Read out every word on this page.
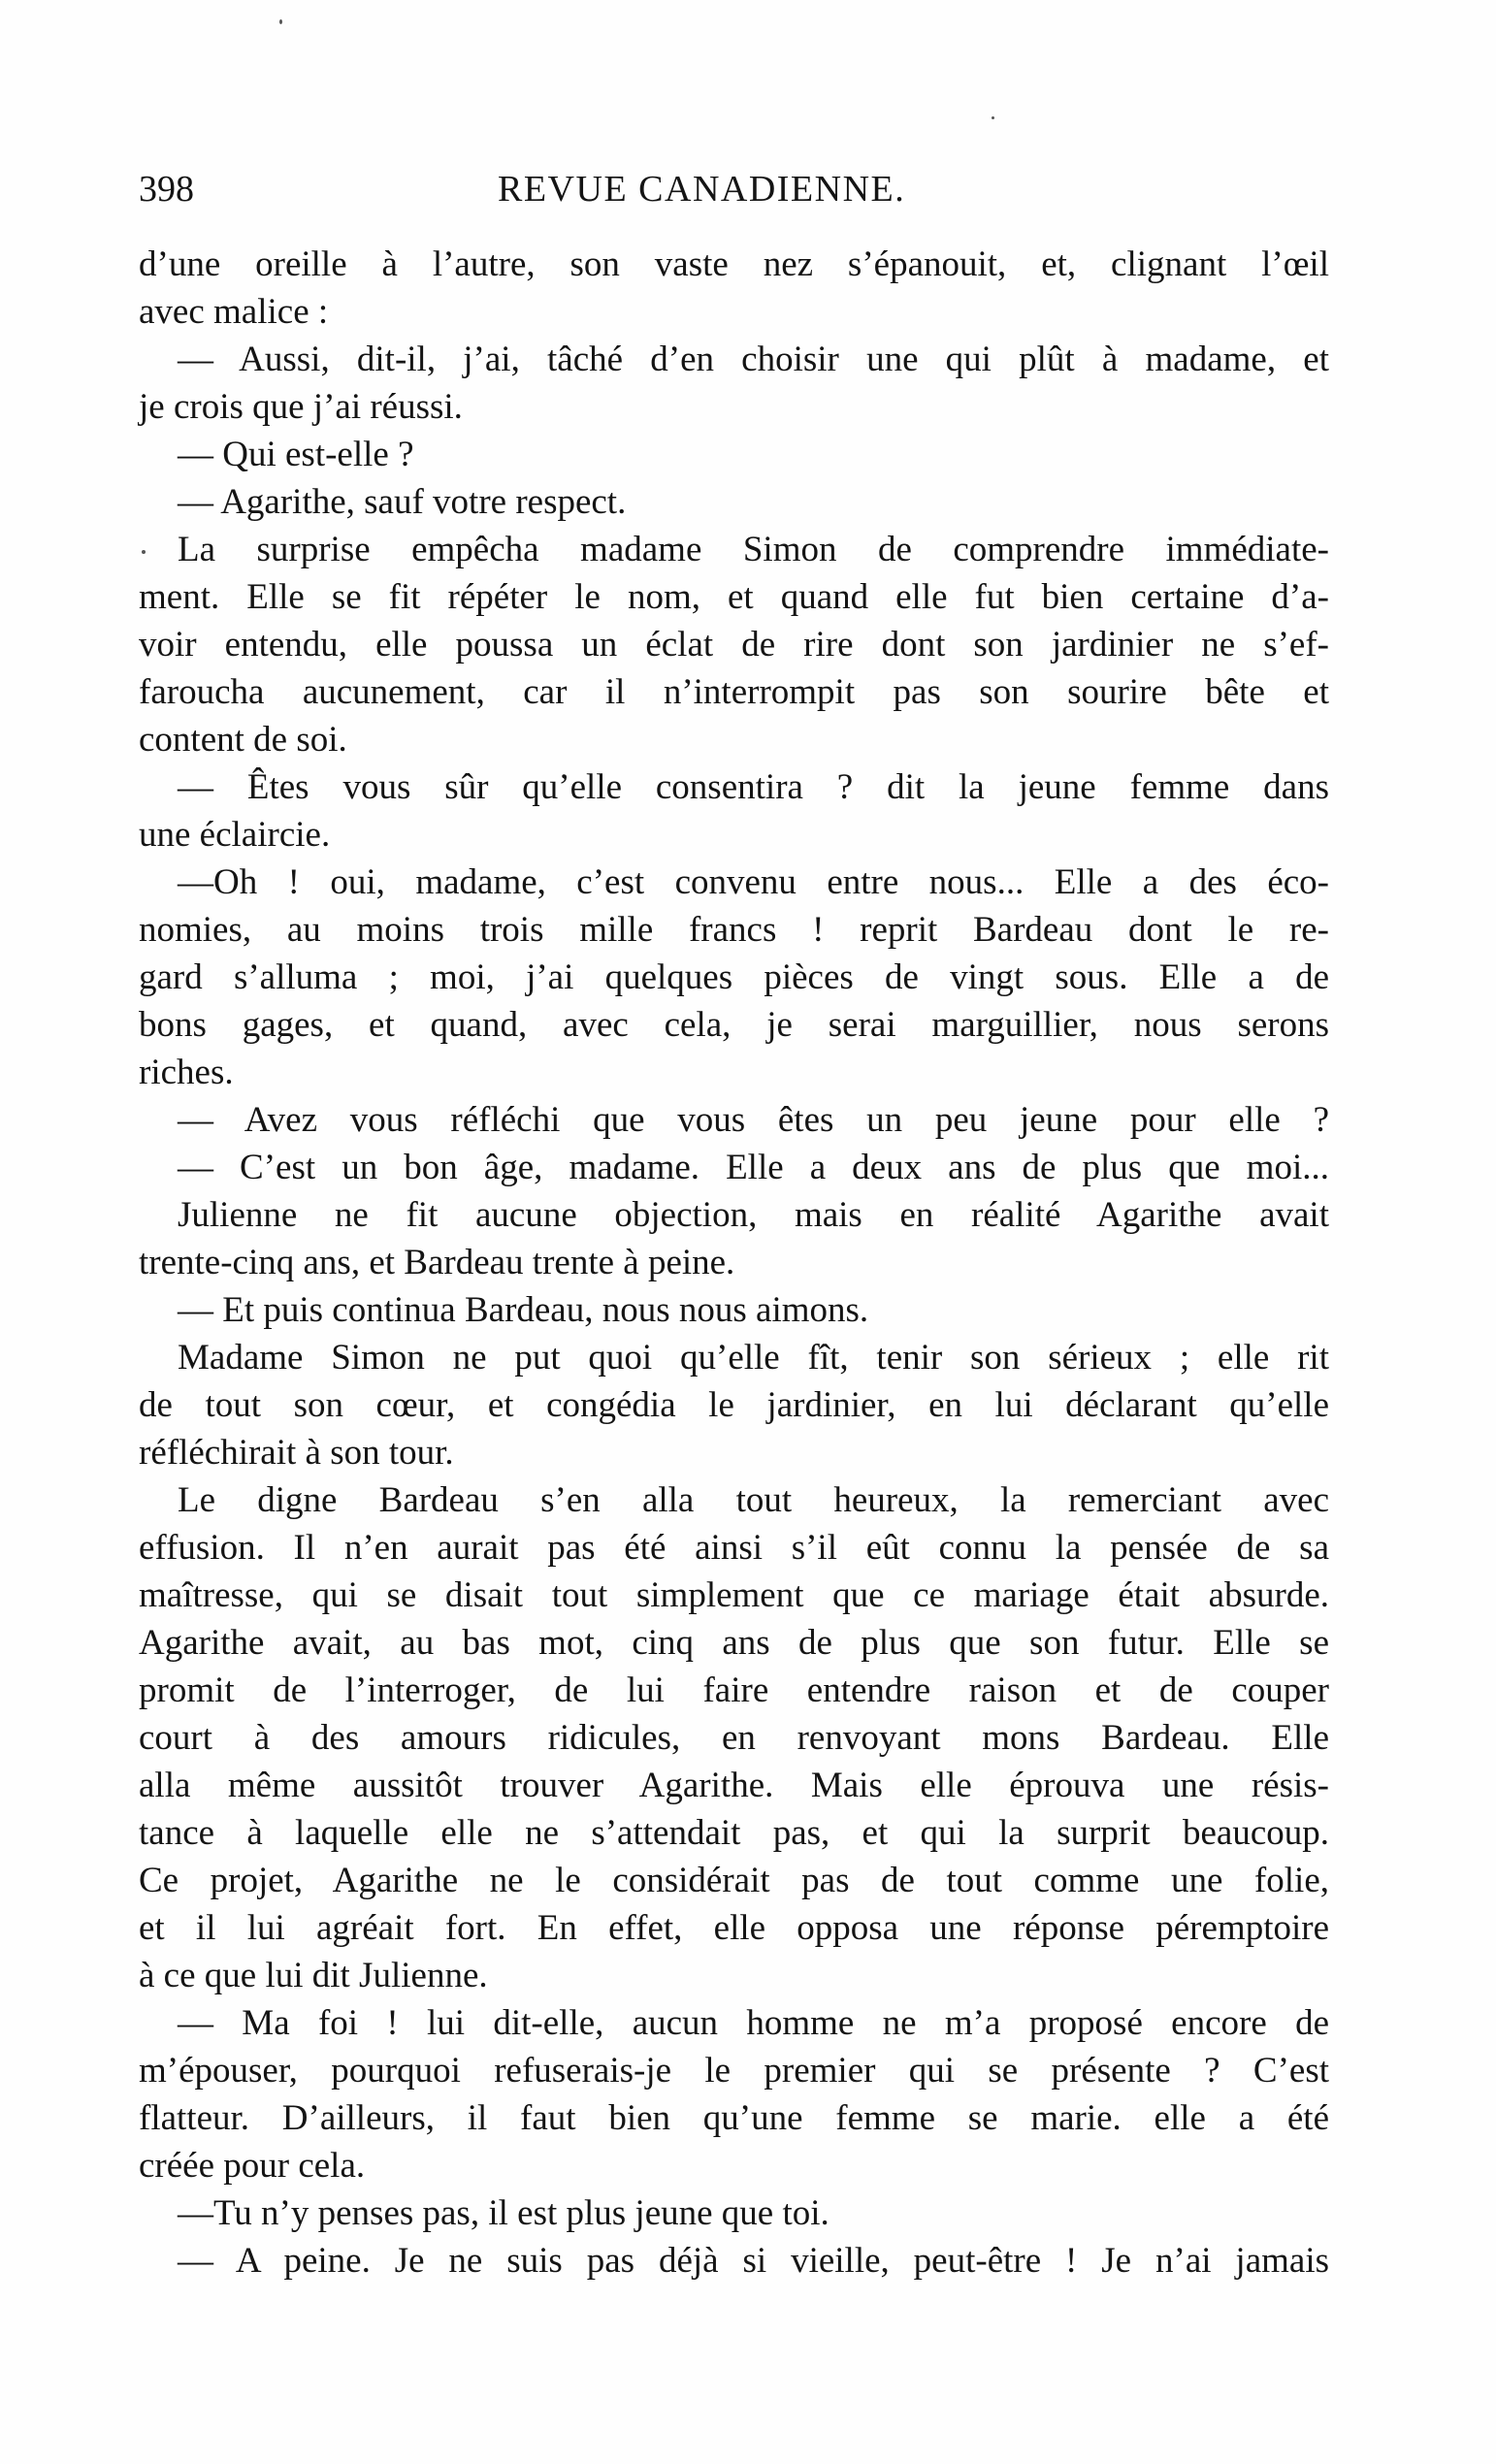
398	REVUE CANADIENNE.
d’une oreille à l’autre, son vaste nez s’épanouit, et, clignant l’œil
avec malice :
— Aussi, dit-il, j’ai, tâché d’en choisir une qui plût à madame, et
je crois que j’ai réussi.
— Qui est-elle ?
— Agarithe, sauf votre respect.
La surprise empêcha madame Simon de comprendre immédiate-
ment. Elle se fit répéter le nom, et quand elle fut bien certaine d’a-
voir entendu, elle poussa un éclat de rire dont son jardinier ne s’ef-
faroucha aucunement, car il n’interrompit pas son sourire bête et
content de soi.
— Êtes vous sûr qu’elle consentira ? dit la jeune femme dans
une éclaircie.
—Oh ! oui, madame, c’est convenu entre nous... Elle a des éco-
nomies, au moins trois mille francs ! reprit Bardeau dont le re-
gard s’alluma ; moi, j’ai quelques pièces de vingt sous. Elle a de
bons gages, et quand, avec cela, je serai marguillier, nous serons
riches.
— Avez vous réfléchi que vous êtes un peu jeune pour elle ?
— C’est un bon âge, madame. Elle a deux ans de plus que moi...
Julienne ne fit aucune objection, mais en réalité Agarithe avait
trente-cinq ans, et Bardeau trente à peine.
— Et puis continua Bardeau, nous nous aimons.
Madame Simon ne put quoi qu’elle fît, tenir son sérieux ; elle rit
de tout son cœur, et congédia le jardinier, en lui déclarant qu’elle
réfléchirait à son tour.
Le digne Bardeau s’en alla tout heureux, la remerciant avec
effusion. Il n’en aurait pas été ainsi s’il eût connu la pensée de sa
maîtresse, qui se disait tout simplement que ce mariage était absurde.
Agarithe avait, au bas mot, cinq ans de plus que son futur. Elle se
promit de l’interroger, de lui faire entendre raison et de couper
court à des amours ridicules, en renvoyant mons Bardeau. Elle
alla même aussitôt trouver Agarithe. Mais elle éprouva une résis-
tance à laquelle elle ne s’attendait pas, et qui la surprit beaucoup.
Ce projet, Agarithe ne le considérait pas de tout comme une folie,
et il lui agréait fort. En effet, elle opposa une réponse péremptoire
à ce que lui dit Julienne.
— Ma foi ! lui dit-elle, aucun homme ne m’a proposé encore de
m’épouser, pourquoi refuserais-je le premier qui se présente ? C’est
flatteur. D’ailleurs, il faut bien qu’une femme se marie. elle a été
créée pour cela.
—Tu n’y penses pas, il est plus jeune que toi.
— A peine. Je ne suis pas déjà si vieille, peut-être ! Je n’ai jamais
